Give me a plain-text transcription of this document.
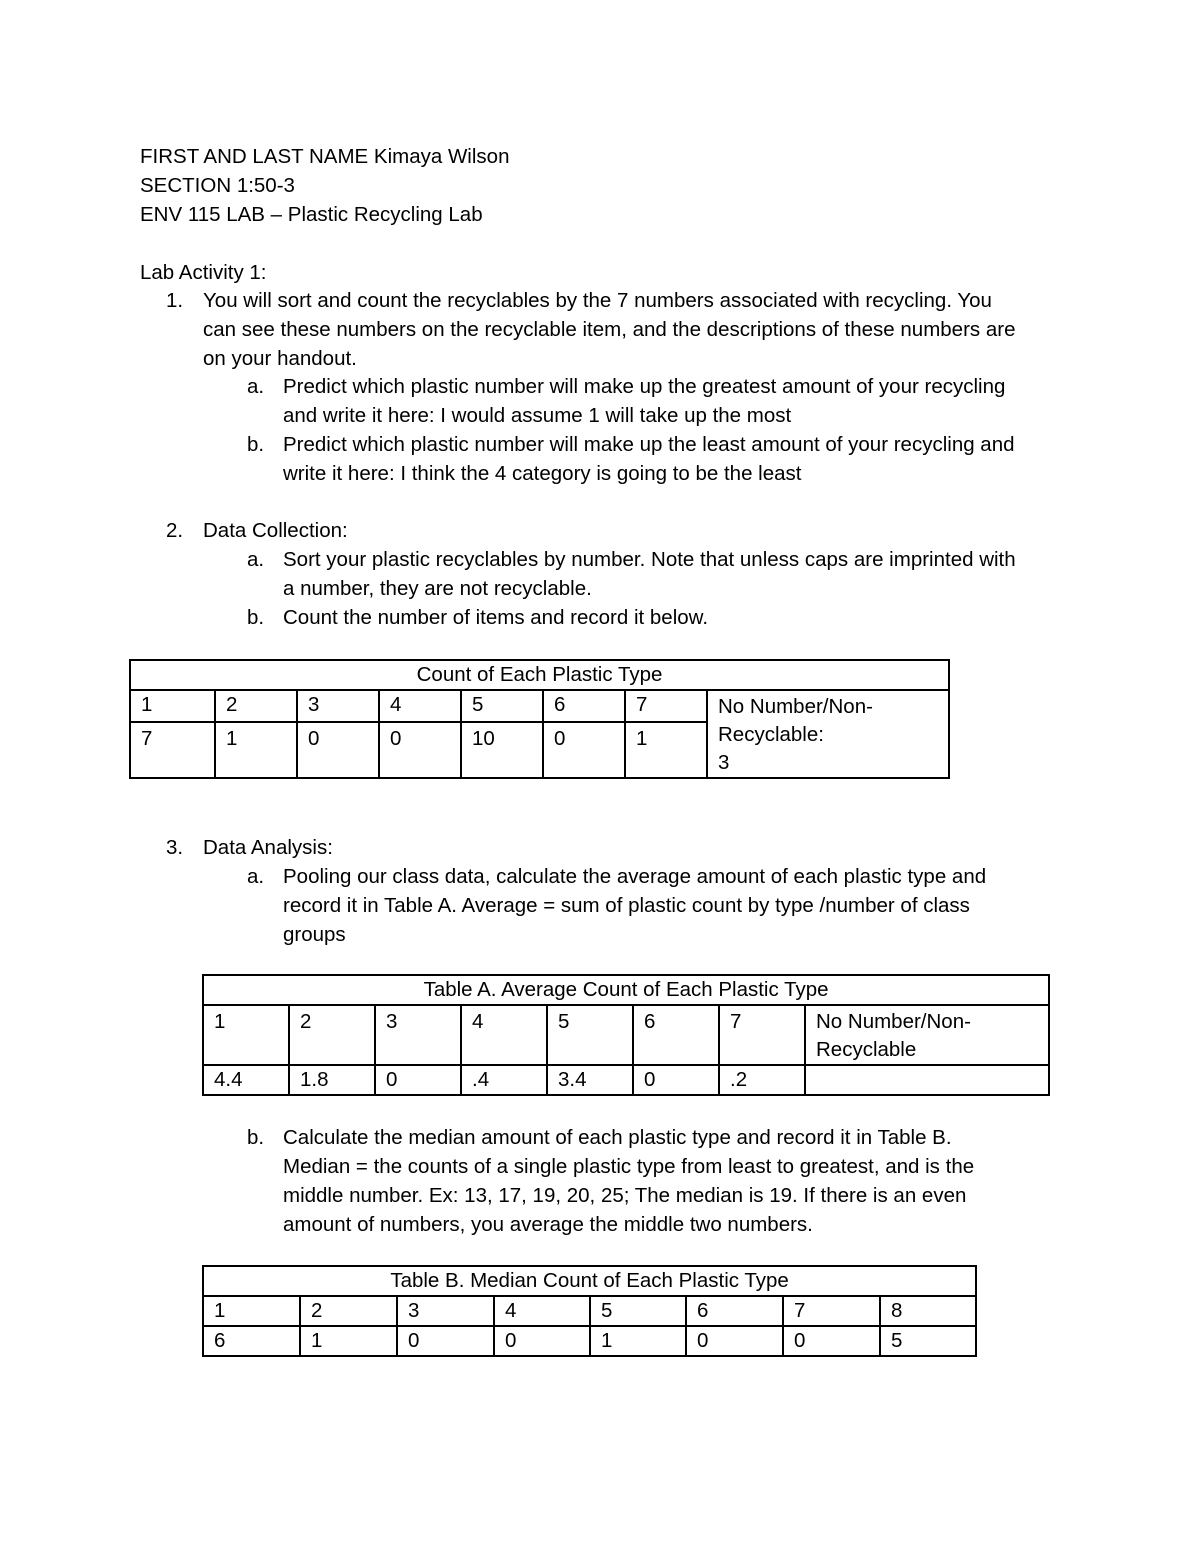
FIRST AND LAST NAME Kimaya Wilson
SECTION 1:50-3
ENV 115 LAB – Plastic Recycling Lab
Lab Activity 1:
1. You will sort and count the recyclables by the 7 numbers associated with recycling. You
can see these numbers on the recyclable item, and the descriptions of these numbers are
on your handout.
a. Predict which plastic number will make up the greatest amount of your recycling
and write it here: I would assume 1 will take up the most
b. Predict which plastic number will make up the least amount of your recycling and
write it here: I think the 4 category is going to be the least
2. Data Collection:
a. Sort your plastic recyclables by number. Note that unless caps are imprinted with
a number, they are not recyclable.
b. Count the number of items and record it below.
Count of Each Plastic Type							
1	2	3	4	5	6	7	No Number/Non-
Recyclable:
3

7	1	0	0	10	0	1	
3. Data Analysis:
a. Pooling our class data, calculate the average amount of each plastic type and
record it in Table A. Average = sum of plastic count by type /number of class
groups
Table A. Average Count of Each Plastic Type							
1	2	3	4	5	6	7	No Number/Non-
Recyclable

4.4	1.8	0	.4	3.4	0	.2	
b. Calculate the median amount of each plastic type and record it in Table B.
Median = the counts of a single plastic type from least to greatest, and is the
middle number. Ex: 13, 17, 19, 20, 25; The median is 19. If there is an even
amount of numbers, you average the middle two numbers.
Table B. Median Count of Each Plastic Type							
1	2	3	4	5	6	7	8
6	1	0	0	1	0	0	5
